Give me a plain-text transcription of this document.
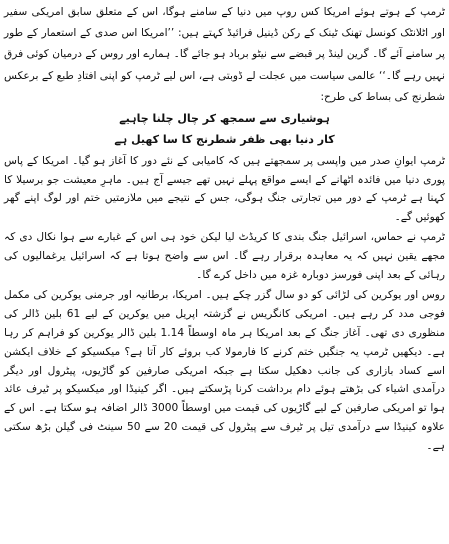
ٹرمپ کے ہوتے ہوئے امریکا کس روپ میں دنیا کے سامنے ہوگا، اس کے متعلق سابق امریکی سفیر اور اٹلانٹک کونسل تھنک ٹینک کے رکن ڈینیل فرائیڈ کہتے ہیں: ’’امریکا اس صدی کے استعمار کے طور پر سامنے آئے گا۔ گرین لینڈ پر قبضے سے نیٹو برباد ہو جائے گا۔ ہمارے اور روس کے درمیان کوئی فرق نہیں رہے گا۔‘‘ عالمی سیاست میں عجلت لے ڈوبتی ہے، اس لیے ٹرمپ کو اپنی افتادِ طبع کے برعکس شطرنج کی بساط کی طرح:

ہوشیاری سے سمجھ کر چال چلنا چاہیے
کار دنیا بھی ظفر شطرنج کا سا کھیل ہے

ٹرمپ ایوانِ صدر میں واپسی پر سمجھتے ہیں کہ کامیابی کے نئے دور کا آغاز ہو گیا۔ امریکا کے پاس پوری دنیا میں فائدہ اٹھانے کے ایسے مواقع پہلے نہیں تھے جیسے آج ہیں۔ ماہرِ معیشت جو برسیلا کا کہنا ہے ٹرمپ کے دور میں تجارتی جنگ ہوگی، جس کے نتیجے میں ملازمتیں ختم اور لوگ اپنے گھر کھوئیں گے۔

ٹرمپ نے حماس، اسرائیل جنگ بندی کا کریڈٹ لیا لیکن خود ہی اس کے غبارے سے ہوا نکال دی کہ مجھے یقین نہیں کہ یہ معاہدہ برقرار رہے گا۔ اس سے واضح ہوتا ہے کہ اسرائیل یرغمالیوں کی رہائی کے بعد اپنی فورسز دوبارہ غزہ میں داخل کرے گا۔

روس اور یوکرین کی لڑائی کو دو سال گزر چکے ہیں۔ امریکا، برطانیہ اور جرمنی یوکرین کی مکمل فوجی مدد کر رہے ہیں۔ امریکی کانگریس نے گزشتہ اپریل میں یوکرین کے لیے 61 بلین ڈالر کی منظوری دی تھی۔ آغاز جنگ کے بعد امریکا ہر ماہ اوسطاً 1.14 بلین ڈالر یوکرین کو فراہم کر رہا ہے۔ دیکھیں ٹرمپ یہ جنگیں ختم کرنے کا فارمولا کب بروئے کار آتا ہے؟ میکسیکو کے خلاف ایکشن اسے کساد بازاری کی جانب دھکیل سکتا ہے جبکہ امریکی صارفین کو گاڑیوں، پیٹرول اور دیگر درآمدی اشیاء کی بڑھتے ہوئے دام برداشت کرنا پڑسکتے ہیں۔ اگر کینیڈا اور میکسیکو پر ٹیرف عائد ہوا تو امریکی صارفین کے لیے گاڑیوں کی قیمت میں اوسطاً 3000 ڈالر اضافہ ہو سکتا ہے۔ اس کے علاوہ کینیڈا سے درآمدی تیل پر ٹیرف سے پیٹرول کی قیمت 20 سے 50 سینٹ فی گیلن بڑھ سکتی ہے۔
